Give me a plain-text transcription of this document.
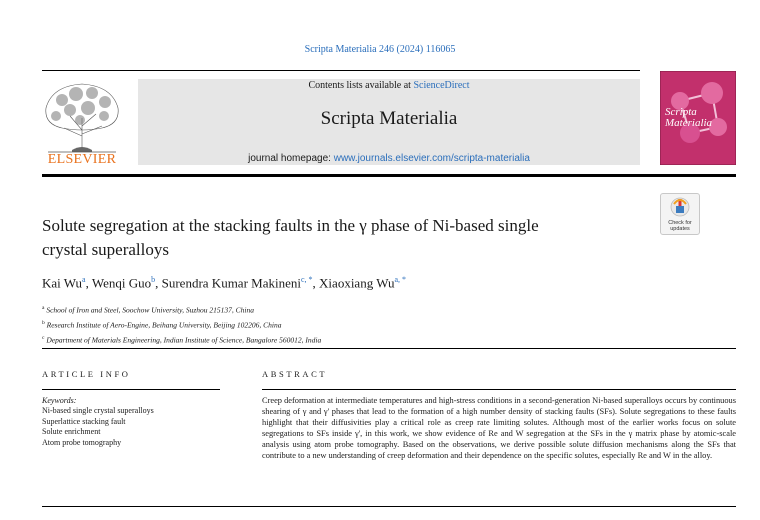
Scripta Materialia 246 (2024) 116065
ELSEVIER
Contents lists available at ScienceDirect
Scripta Materialia
journal homepage: www.journals.elsevier.com/scripta-materialia
Scripta
Materialia
Check for
updates
Solute segregation at the stacking faults in the γ phase of Ni-based single
crystal superalloys
Kai Wu$^a$, Wenqi Guo$^b$, Surendra Kumar Makineni$^{c, *}$, Xiaoxiang $Wu^{a, *}$
$^a$ School of Iron and Steel, Soochow University, Suzhou 215137, China
$^b$ Research Institute of Aero-Engine, Beihang University, Beijing 102206, China
$^c$ Department of Materials Engineering, Indian Institute of Science, Bangalore 560012, India
ARTICLE INFO
Keywords:
Ni-based single crystal superalloys
Superlattice stacking fault
Solute enrichment
Atom probe tomography
ABSTRACT
Creep deformation at intermediate temperatures and high-stress conditions in a second-generation Ni-based superalloys occurs by continuous shearing of γ and γ' phases that lead to the formation of a high number density of stacking faults (SFs). Solute segregations to these faults highlight that their diffusivities play a critical role as creep rate limiting solutes. Although most of the earlier works focus on solute segregations to SFs inside γ', in this work, we show evidence of Re and W segregation at the SFs in the γ matrix phase by atomic-scale analysis using atom probe tomography. Based on the observations, we derive possible solute diffusion mechanisms along the SFs that contribute to a new understanding of creep deformation and their dependence on the specific solutes, especially Re and W in the alloy.
